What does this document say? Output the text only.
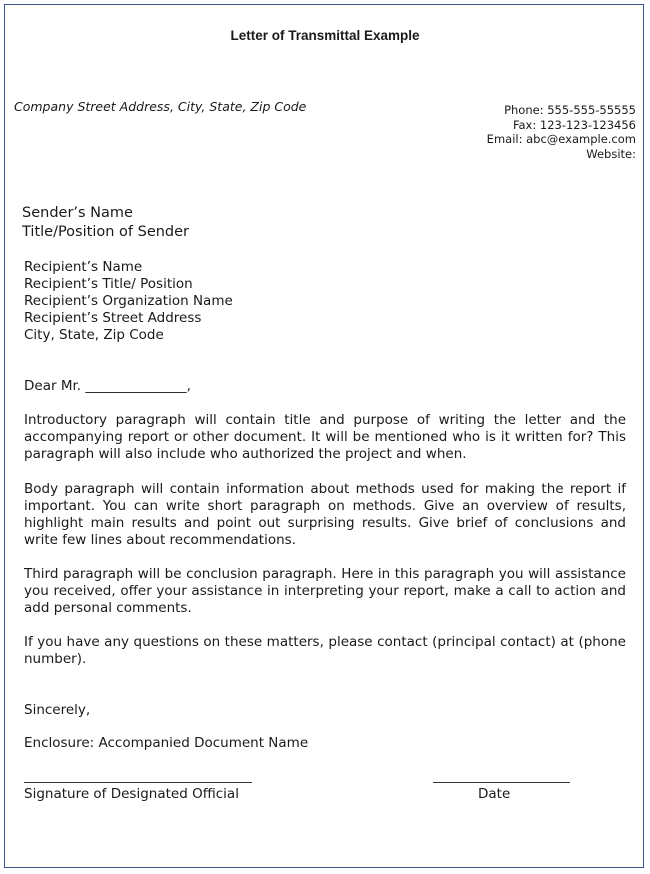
Letter of Transmittal Example

Company Street Address, City, State, Zip Code	Phone: 555-555-55555
Fax: 123-123-123456
Email: abc@example.com
Website:
Sender’s Name
Title/Position of Sender
Recipient’s Name
Recipient’s Title/ Position
Recipient’s Organization Name
Recipient’s Street Address
City, State, Zip Code

Dear Mr. _______________,

Introductory paragraph will contain title and purpose of writing the letter and the accompanying report or other document. It will be mentioned who is it written for? This paragraph will also include who authorized the project and when.

Body paragraph will contain information about methods used for making the report if important. You can write short paragraph on methods. Give an overview of results, highlight main results and point out surprising results. Give brief of conclusions and write few lines about recommendations.

Third paragraph will be conclusion paragraph. Here in this paragraph you will assistance you received, offer your assistance in interpreting your report, make a call to action and add personal comments.

If you have any questions on these matters, please contact (principal contact) at (phone number).

Sincerely,

Enclosure: Accompanied Document Name

Signature of Designated Official	Date
